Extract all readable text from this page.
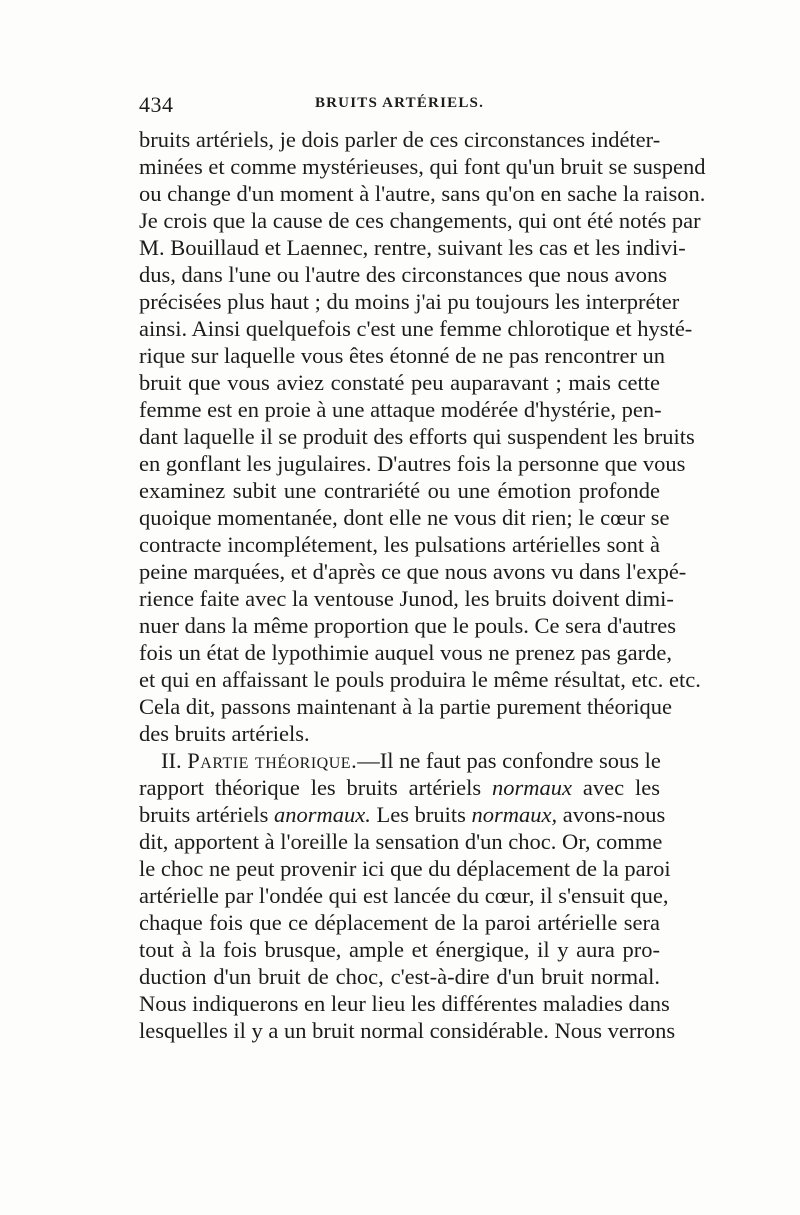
434	BRUITS ARTÉRIELS.
bruits artériels, je dois parler de ces circonstances indéter-
minées et comme mystérieuses, qui font qu'un bruit se suspend
ou change d'un moment à l'autre, sans qu'on en sache la raison.
Je crois que la cause de ces changements, qui ont été notés par
M. Bouillaud et Laennec, rentre, suivant les cas et les indivi-
dus, dans l'une ou l'autre des circonstances que nous avons
précisées plus haut ; du moins j'ai pu toujours les interpréter
ainsi. Ainsi quelquefois c'est une femme chlorotique et hysté-
rique sur laquelle vous êtes étonné de ne pas rencontrer un
bruit que vous aviez constaté peu auparavant ; mais cette
femme est en proie à une attaque modérée d'hystérie, pen-
dant laquelle il se produit des efforts qui suspendent les bruits
en gonflant les jugulaires. D'autres fois la personne que vous
examinez subit une contrariété ou une émotion profonde
quoique momentanée, dont elle ne vous dit rien; le cœur se
contracte incomplétement, les pulsations artérielles sont à
peine marquées, et d'après ce que nous avons vu dans l'expé-
rience faite avec la ventouse Junod, les bruits doivent dimi-
nuer dans la même proportion que le pouls. Ce sera d'autres
fois un état de lypothimie auquel vous ne prenez pas garde,
et qui en affaissant le pouls produira le même résultat, etc. etc.
Cela dit, passons maintenant à la partie purement théorique
des bruits artériels.
II. Partie théorique.—Il ne faut pas confondre sous le
rapport théorique les bruits artériels normaux avec les
bruits artériels anormaux. Les bruits normaux, avons-nous
dit, apportent à l'oreille la sensation d'un choc. Or, comme
le choc ne peut provenir ici que du déplacement de la paroi
artérielle par l'ondée qui est lancée du cœur, il s'ensuit que,
chaque fois que ce déplacement de la paroi artérielle sera
tout à la fois brusque, ample et énergique, il y aura pro-
duction d'un bruit de choc, c'est-à-dire d'un bruit normal.
Nous indiquerons en leur lieu les différentes maladies dans
lesquelles il y a un bruit normal considérable. Nous verrons
